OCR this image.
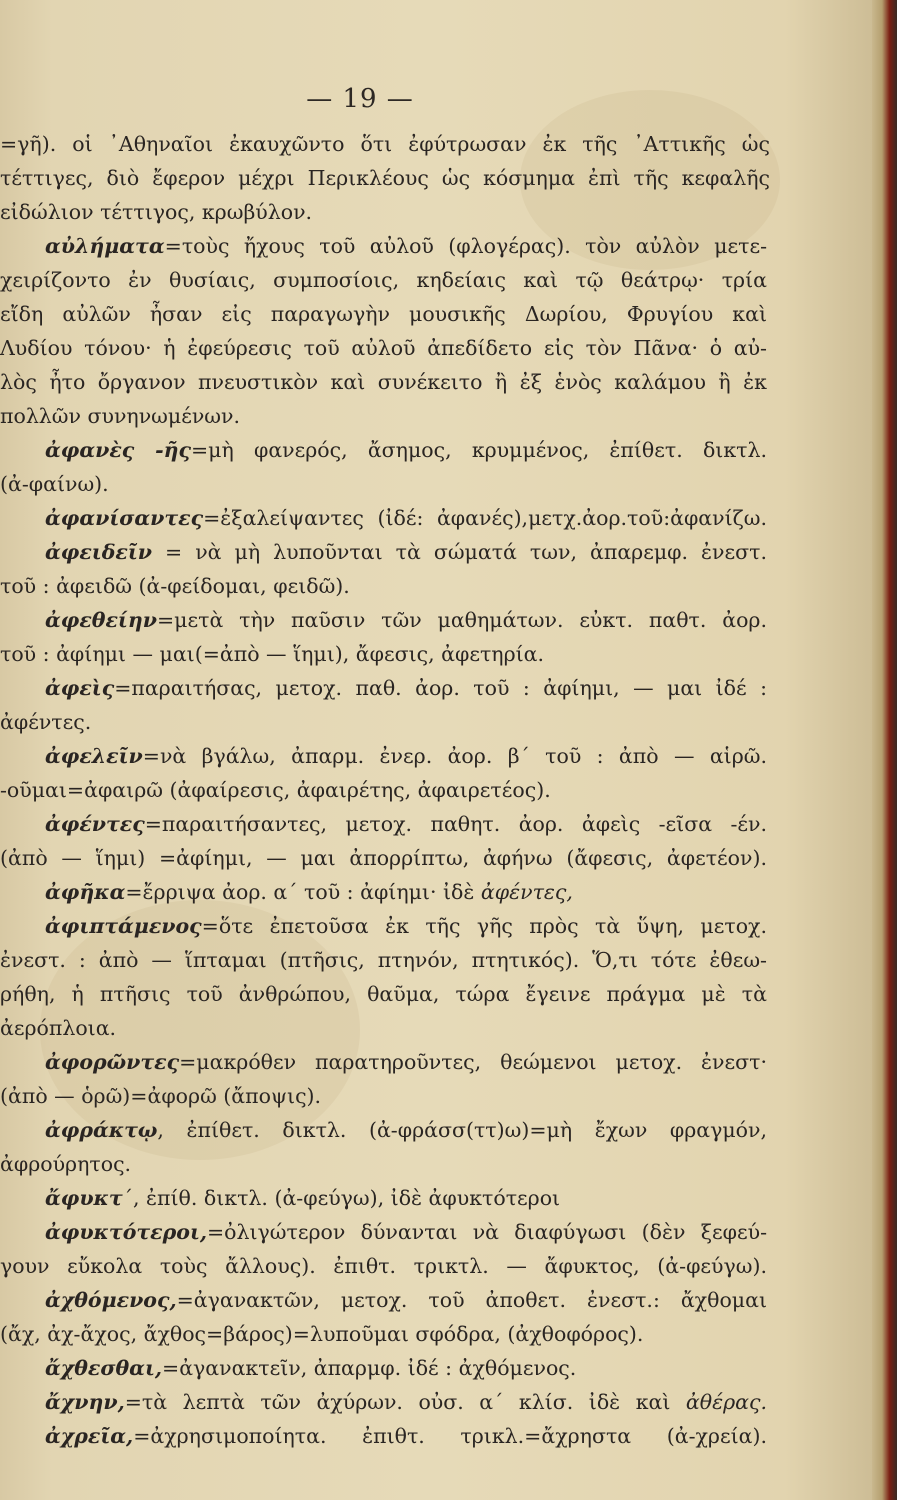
— 19 —
=γῆ). οἱ ᾿Αθηναῖοι ἐκαυχῶντο ὅτι ἐφύτρωσαν ἐκ τῆς ᾿Αττικῆς ὡς
τέττιγες, διὸ ἔφερον μέχρι Περικλέους ὡς κόσμημα ἐπὶ τῆς κεφαλῆς
εἰδώλιον τέττιγος, κρωβύλον.
αὐλήματα=τοὺς ἤχους τοῦ αὐλοῦ (φλογέρας). τὸν αὐλὸν μετε-
χειρίζοντο ἐν θυσίαις, συμποσίοις, κηδείαις καὶ τῷ θεάτρῳ· τρία
εἴδη αὐλῶν ἦσαν εἰς παραγωγὴν μουσικῆς Δωρίου, Φρυγίου καὶ
Λυδίου τόνου· ἡ ἐφεύρεσις τοῦ αὐλοῦ ἀπεδίδετο εἰς τὸν Πᾶνα· ὁ αὐ-
λὸς ἦτο ὄργανον πνευστικὸν καὶ συνέκειτο ἢ ἐξ ἑνὸς καλάμου ἢ ἐκ
πολλῶν συνηνωμένων.
ἀφανὲς -ῆς=μὴ φανερός, ἄσημος, κρυμμένος, ἐπίθετ. δικτλ.
(ἀ-φαίνω).
ἀφανίσαντες=ἐξαλείψαντες (ἰδέ: ἀφανές),μετχ.ἀορ.τοῦ:ἀφανίζω.
ἀφειδεῖν = νὰ μὴ λυποῦνται τὰ σώματά των, ἀπαρεμφ. ἐνεστ.
τοῦ : ἀφειδῶ (ἀ-φείδομαι, φειδῶ).
ἀφεθείην=μετὰ τὴν παῦσιν τῶν μαθημάτων. εὐκτ. παθτ. ἀορ.
τοῦ : ἀφίημι — μαι(=ἀπὸ — ἵημι), ἄφεσις, ἀφετηρία.
ἀφεὶς=παραιτήσας, μετοχ. παθ. ἀορ. τοῦ : ἀφίημι, — μαι ἰδέ :
ἀφέντες.
ἀφελεῖν=νὰ βγάλω, ἀπαρμ. ἐνερ. ἀορ. β΄ τοῦ : ἀπὸ — αἱρῶ.
-οῦμαι=ἀφαιρῶ (ἀφαίρεσις, ἀφαιρέτης, ἀφαιρετέος).
ἀφέντες=παραιτήσαντες, μετοχ. παθητ. ἀορ. ἀφεὶς -εῖσα -έν.
(ἀπὸ — ἵημι) =ἀφίημι, — μαι ἀπορρίπτω, ἀφήνω (ἄφεσις, ἀφετέον).
ἀφῆκα=ἔρριψα ἀορ. α΄ τοῦ : ἀφίημι· ἰδὲ ἀφέντες,
ἀφιπτάμενος=ὅτε ἐπετοῦσα ἐκ τῆς γῆς πρὸς τὰ ὕψη, μετοχ.
ἐνεστ. : ἀπὸ — ἵπταμαι (πτῆσις, πτηνόν, πτητικός). Ὅ,τι τότε ἐθεω-
ρήθη, ἡ πτῆσις τοῦ ἀνθρώπου, θαῦμα, τώρα ἔγεινε πράγμα μὲ τὰ
ἀερόπλοια.
ἀφορῶντες=μακρόθεν παρατηροῦντες, θεώμενοι μετοχ. ἐνεστ·
(ἀπὸ — ὁρῶ)=ἀφορῶ (ἄποψις).
ἀφράκτῳ, ἐπίθετ. δικτλ. (ἀ-φράσσ(ττ)ω)=μὴ ἔχων φραγμόν,
ἀφρούρητος.
ἄφυκτ΄, ἐπίθ. δικτλ. (ἀ-φεύγω), ἰδὲ ἀφυκτότεροι
ἀφυκτότεροι,=ὀλιγώτερον δύνανται νὰ διαφύγωσι (δὲν ξεφεύ-
γουν εὔκολα τοὺς ἄλλους). ἐπιθτ. τρικτλ. — ἄφυκτος, (ἀ-φεύγω).
ἀχθόμενος,=ἀγανακτῶν, μετοχ. τοῦ ἀποθετ. ἐνεστ.: ἄχθομαι
(ἄχ, ἀχ-ἄχος, ἄχθος=βάρος)=λυποῦμαι σφόδρα, (ἀχθοφόρος).
ἄχθεσθαι,=ἀγανακτεῖν, ἀπαρμφ. ἰδέ : ἀχθόμενος.
ἄχνην,=τὰ λεπτὰ τῶν ἀχύρων. οὐσ. α΄ κλίσ. ἰδὲ καὶ ἀθέρας.
ἀχρεῖα,=ἀχρησιμοποίητα. ἐπιθτ. τρικλ.=ἄχρηστα (ἀ-χρεία).
